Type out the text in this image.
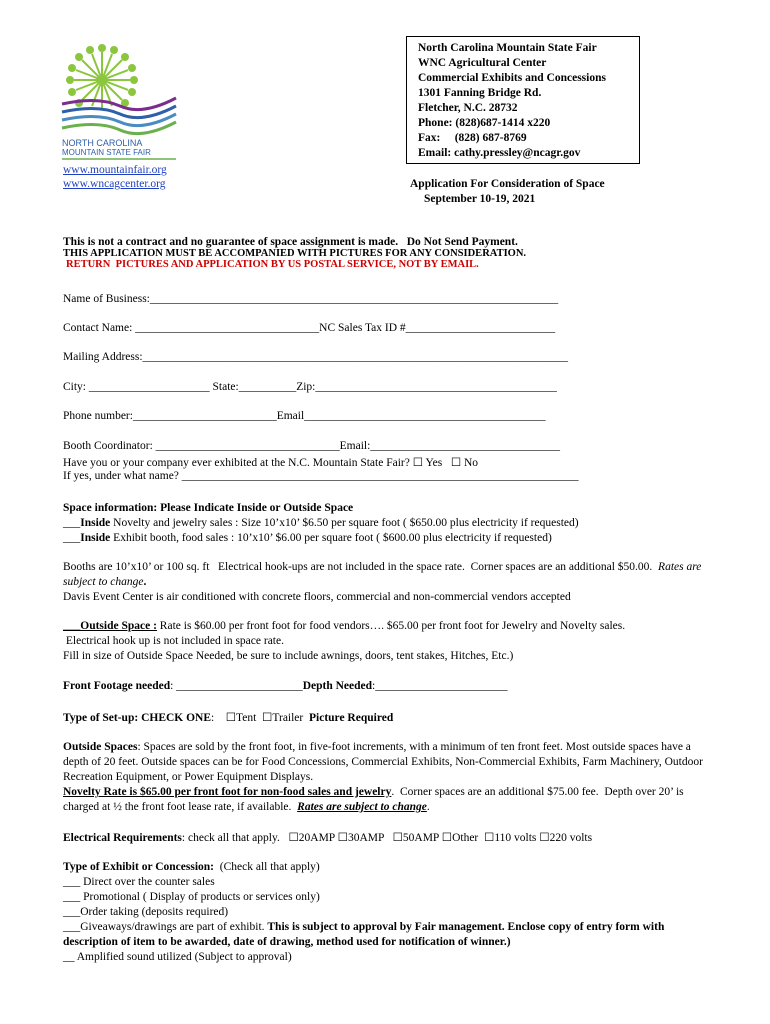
NORTH CAROLINA
MOUNTAIN STATE FAIR
www.mountainfair.org
www.wncagcenter.org
North Carolina Mountain State Fair
WNC Agricultural Center
Commercial Exhibits and Concessions
1301 Fanning Bridge Rd.
Fletcher, N.C. 28732
Phone: (828)687-1414 x220
Fax:     (828) 687-8769
Email: cathy.pressley@ncagr.gov
Application For Consideration of Space
September 10-19, 2021
This is not a contract and no guarantee of space assignment is made.   Do Not Send Payment.
THIS APPLICATION MUST BE ACCOMPANIED WITH PICTURES FOR ANY CONSIDERATION.
RETURN  PICTURES AND APPLICATION BY US POSTAL SERVICE, NOT BY EMAIL.
Name of Business:_______________________________________________________________________
Contact Name: ________________________________NC Sales Tax ID #__________________________
Mailing Address:__________________________________________________________________________
City: _____________________ State:__________Zip:__________________________________________
Phone number:_________________________Email__________________________________________
Booth Coordinator: ________________________________Email:_________________________________
Have you or your company ever exhibited at the N.C. Mountain State Fair? ☐ Yes   ☐ No
If yes, under what name? _____________________________________________________________________
Space information: Please Indicate Inside or Outside Space
___Inside Novelty and jewelry sales : Size 10’x10’ $6.50 per square foot ( $650.00 plus electricity if requested)
___Inside Exhibit booth, food sales : 10’x10’ $6.00 per square foot ( $600.00 plus electricity if requested)
Booths are 10’x10’ or 100 sq. ft   Electrical hook-ups are not included in the space rate.  Corner spaces are an additional $50.00.  Rates are subject to change.
Davis Event Center is air conditioned with concrete floors, commercial and non-commercial vendors accepted
___Outside Space : Rate is $60.00 per front foot for food vendors…. $65.00 per front foot for Jewelry and Novelty sales.
Electrical hook up is not included in space rate.
Fill in size of Outside Space Needed, be sure to include awnings, doors, tent stakes, Hitches, Etc.)
Front Footage needed: ______________________Depth Needed:_______________________
Type of Set-up: CHECK ONE:    ☐Tent  ☐Trailer  Picture Required
Outside Spaces: Spaces are sold by the front foot, in five-foot increments, with a minimum of ten front feet. Most outside spaces have a depth of 20 feet. Outside spaces can be for Food Concessions, Commercial Exhibits, Non-Commercial Exhibits, Farm Machinery, Outdoor Recreation Equipment, or Power Equipment Displays.
Novelty Rate is $65.00 per front foot for non-food sales and jewelry.  Corner spaces are an additional $75.00 fee.  Depth over 20’ is charged at ½ the front foot lease rate, if available.  Rates are subject to change.
Electrical Requirements: check all that apply.   ☐20AMP ☐30AMP   ☐50AMP ☐Other  ☐110 volts ☐220 volts
Type of Exhibit or Concession:  (Check all that apply)
___ Direct over the counter sales
___ Promotional ( Display of products or services only)
___Order taking (deposits required)
___Giveaways/drawings are part of exhibit. This is subject to approval by Fair management. Enclose copy of entry form with description of item to be awarded, date of drawing, method used for notification of winner.)
__ Amplified sound utilized (Subject to approval)
